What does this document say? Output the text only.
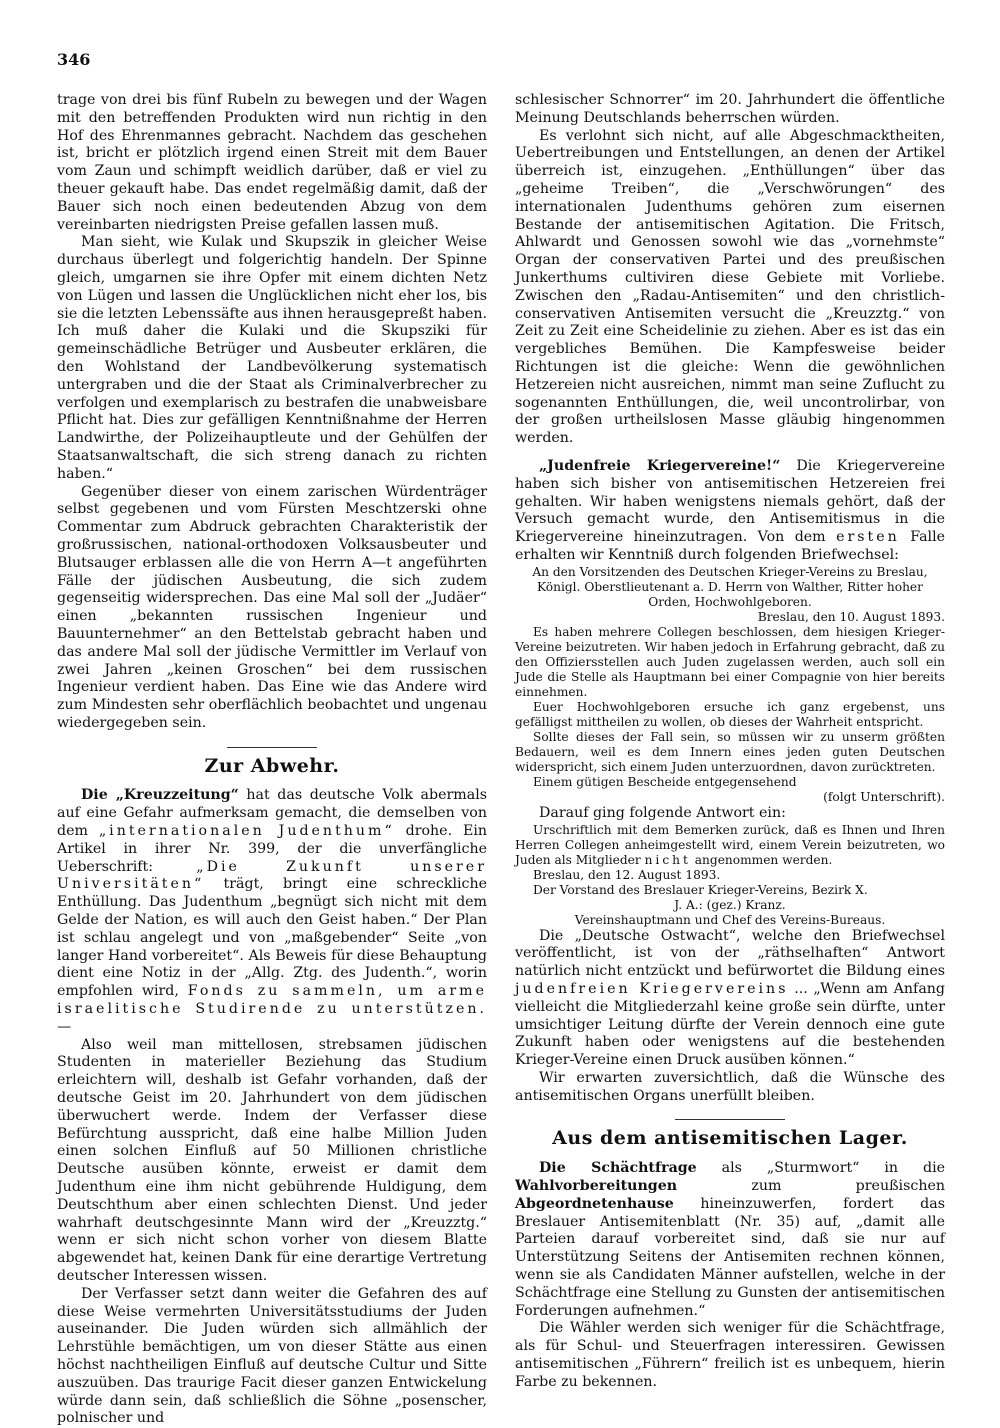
346

trage von drei bis fünf Rubeln zu bewegen und der Wagen mit den betreffenden Produkten wird nun richtig in den Hof des Ehrenmannes gebracht. Nachdem das geschehen ist, bricht er plötzlich irgend einen Streit mit dem Bauer vom Zaun und schimpft weidlich darüber, daß er viel zu theuer gekauft habe. Das endet regelmäßig damit, daß der Bauer sich noch einen bedeutenden Abzug von dem vereinbarten niedrigsten Preise gefallen lassen muß.

Man sieht, wie Kulak und Skupszik in gleicher Weise durchaus überlegt und folgerichtig handeln. Der Spinne gleich, umgarnen sie ihre Opfer mit einem dichten Netz von Lügen und lassen die Unglücklichen nicht eher los, bis sie die letzten Lebenssäfte aus ihnen herausgepreßt haben. Ich muß daher die Kulaki und die Skupsziki für gemeinschädliche Betrüger und Ausbeuter erklären, die den Wohlstand der Landbevölkerung systematisch untergraben und die der Staat als Criminalverbrecher zu verfolgen und exemplarisch zu bestrafen die unabweisbare Pflicht hat. Dies zur gefälligen Kenntnißnahme der Herren Landwirthe, der Polizeihauptleute und der Gehülfen der Staatsanwaltschaft, die sich streng danach zu richten haben.“

Gegenüber dieser von einem zarischen Würdenträger selbst gegebenen und vom Fürsten Meschtzerski ohne Commentar zum Abdruck gebrachten Charakteristik der großrussischen, national-orthodoxen Volksausbeuter und Blutsauger erblassen alle die von Herrn A—t angeführten Fälle der jüdischen Ausbeutung, die sich zudem gegenseitig widersprechen. Das eine Mal soll der „Judäer“ einen „bekannten russischen Ingenieur und Bauunternehmer“ an den Bettelstab gebracht haben und das andere Mal soll der jüdische Vermittler im Verlauf von zwei Jahren „keinen Groschen“ bei dem russischen Ingenieur verdient haben. Das Eine wie das Andere wird zum Mindesten sehr oberflächlich beobachtet und ungenau wiedergegeben sein.

Zur Abwehr.

Die „Kreuzzeitung“ hat das deutsche Volk abermals auf eine Gefahr aufmerksam gemacht, die demselben von dem „internationalen Judenthum“ drohe. Ein Artikel in ihrer Nr. 399, der die unverfängliche Ueberschrift: „Die Zukunft unserer Universitäten“ trägt, bringt eine schreckliche Enthüllung. Das Judenthum „begnügt sich nicht mit dem Gelde der Nation, es will auch den Geist haben.“ Der Plan ist schlau angelegt und von „maßgebender“ Seite „von langer Hand vorbereitet“. Als Beweis für diese Behauptung dient eine Notiz in der „Allg. Ztg. des Judenth.“, worin empfohlen wird, Fonds zu sammeln, um arme israelitische Studirende zu unterstützen. —

Also weil man mittellosen, strebsamen jüdischen Studenten in materieller Beziehung das Studium erleichtern will, deshalb ist Gefahr vorhanden, daß der deutsche Geist im 20. Jahrhundert von dem jüdischen überwuchert werde. Indem der Verfasser diese Befürchtung ausspricht, daß eine halbe Million Juden einen solchen Einfluß auf 50 Millionen christliche Deutsche ausüben könnte, erweist er damit dem Judenthum eine ihm nicht gebührende Huldigung, dem Deutschthum aber einen schlechten Dienst. Und jeder wahrhaft deutschgesinnte Mann wird der „Kreuzztg.“ wenn er sich nicht schon vorher von diesem Blatte abgewendet hat, keinen Dank für eine derartige Vertretung deutscher Interessen wissen.

Der Verfasser setzt dann weiter die Gefahren des auf diese Weise vermehrten Universitätsstudiums der Juden auseinander. Die Juden würden sich allmählich der Lehrstühle bemächtigen, um von dieser Stätte aus einen höchst nachtheiligen Einfluß auf deutsche Cultur und Sitte auszuüben. Das traurige Facit dieser ganzen Entwickelung würde dann sein, daß schließlich die Söhne „posenscher, polnischer und

schlesischer Schnorrer“ im 20. Jahrhundert die öffentliche Meinung Deutschlands beherrschen würden.

Es verlohnt sich nicht, auf alle Abgeschmacktheiten, Uebertreibungen und Entstellungen, an denen der Artikel überreich ist, einzugehen. „Enthüllungen“ über das „geheime Treiben“, die „Verschwörungen“ des internationalen Judenthums gehören zum eisernen Bestande der antisemitischen Agitation. Die Fritsch, Ahlwardt und Genossen sowohl wie das „vornehmste“ Organ der conservativen Partei und des preußischen Junkerthums cultiviren diese Gebiete mit Vorliebe. Zwischen den „Radau-Antisemiten“ und den christlich-conservativen Antisemiten versucht die „Kreuzztg.“ von Zeit zu Zeit eine Scheidelinie zu ziehen. Aber es ist das ein vergebliches Bemühen. Die Kampfesweise beider Richtungen ist die gleiche: Wenn die gewöhnlichen Hetzereien nicht ausreichen, nimmt man seine Zuflucht zu sogenannten Enthüllungen, die, weil uncontrolirbar, von der großen urtheilslosen Masse gläubig hingenommen werden.

„Judenfreie Kriegervereine!“ Die Kriegervereine haben sich bisher von antisemitischen Hetzereien frei gehalten. Wir haben wenigstens niemals gehört, daß der Versuch gemacht wurde, den Antisemitismus in die Kriegervereine hineinzutragen. Von dem ersten Falle erhalten wir Kenntniß durch folgenden Briefwechsel:

An den Vorsitzenden des Deutschen Krieger-Vereins zu Breslau, Königl. Oberstlieutenant a. D. Herrn von Walther, Ritter hoher Orden, Hochwohlgeboren.

Breslau, den 10. August 1893.

Es haben mehrere Collegen beschlossen, dem hiesigen Krieger-Vereine beizutreten. Wir haben jedoch in Erfahrung gebracht, daß zu den Offiziersstellen auch Juden zugelassen werden, auch soll ein Jude die Stelle als Hauptmann bei einer Compagnie von hier bereits einnehmen.

Euer Hochwohlgeboren ersuche ich ganz ergebenst, uns gefälligst mittheilen zu wollen, ob dieses der Wahrheit entspricht.

Sollte dieses der Fall sein, so müssen wir zu unserm größten Bedauern, weil es dem Innern eines jeden guten Deutschen widerspricht, sich einem Juden unterzuordnen, davon zurücktreten.

Einem gütigen Bescheide entgegensehend

(folgt Unterschrift).

Darauf ging folgende Antwort ein:

Urschriftlich mit dem Bemerken zurück, daß es Ihnen und Ihren Herren Collegen anheimgestellt wird, einem Verein beizutreten, wo Juden als Mitglieder nicht angenommen werden.

Breslau, den 12. August 1893.

Der Vorstand des Breslauer Krieger-Vereins, Bezirk X.

J. A.: (gez.) Kranz.

Vereinshauptmann und Chef des Vereins-Bureaus.

Die „Deutsche Ostwacht“, welche den Briefwechsel veröffentlicht, ist von der „räthselhaften“ Antwort natürlich nicht entzückt und befürwortet die Bildung eines judenfreien Kriegervereins ... „Wenn am Anfang vielleicht die Mitgliederzahl keine große sein dürfte, unter umsichtiger Leitung dürfte der Verein dennoch eine gute Zukunft haben oder wenigstens auf die bestehenden Krieger-Vereine einen Druck ausüben können.“

Wir erwarten zuversichtlich, daß die Wünsche des antisemitischen Organs unerfüllt bleiben.

Aus dem antisemitischen Lager.

Die Schächtfrage als „Sturmwort“ in die Wahlvorbereitungen zum preußischen Abgeordnetenhause hineinzuwerfen, fordert das Breslauer Antisemitenblatt (Nr. 35) auf, „damit alle Parteien darauf vorbereitet sind, daß sie nur auf Unterstützung Seitens der Antisemiten rechnen können, wenn sie als Candidaten Männer aufstellen, welche in der Schächtfrage eine Stellung zu Gunsten der antisemitischen Forderungen aufnehmen.“

Die Wähler werden sich weniger für die Schächtfrage, als für Schul- und Steuerfragen interessiren. Gewissen antisemitischen „Führern“ freilich ist es unbequem, hierin Farbe zu bekennen.
